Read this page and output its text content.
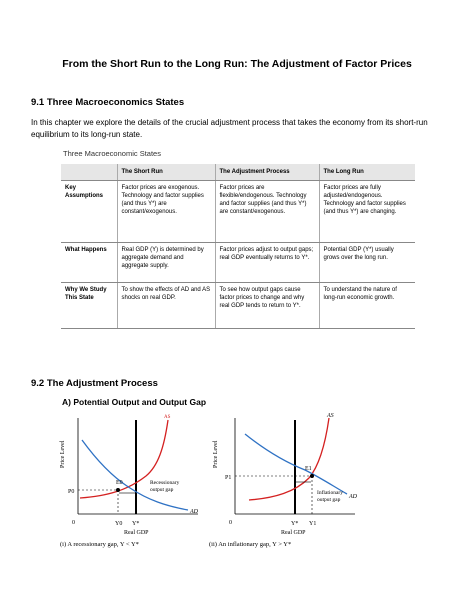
From the Short Run to the Long Run: The Adjustment of Factor Prices
9.1 Three Macroeconomics States
In this chapter we explore the details of the crucial adjustment process that takes the economy from its short-run equilibrium to its long-run state.
Three Macroeconomic States
	The Short Run	The Adjustment Process	The Long Run
Key Assumptions	Factor prices are exogenous. Technology and factor supplies (and thus Y*) are constant/exogenous.	Factor prices are flexible/endogenous. Technology and factor supplies (and thus Y*) are constant/exogenous.	Factor prices are fully adjusted/endogenous. Technology and factor supplies (and thus Y*) are changing.
What Happens	Real GDP (Y) is determined by aggregate demand and aggregate supply.	Factor prices adjust to output gaps; real GDP eventually returns to Y*.	Potential GDP (Y*) usually grows over the long run.
Why We Study This State	To show the effects of AD and AS shocks on real GDP.	To see how output gaps cause factor prices to change and why real GDP tends to return to Y*.	To understand the nature of long-run economic growth.
9.2 The Adjustment Process
A) Potential Output and Output Gap
Price Level
P0
E0
AS
AD
Recessionary output gap
0	Y0 Y*
Real GDP
(i) A recessionary gap, Y < Y*
Price Level
P1
E1
AS
AD
Inflationary output gap
0	Y* Y1
Real GDP
(ii) An inflationary gap, Y > Y*
